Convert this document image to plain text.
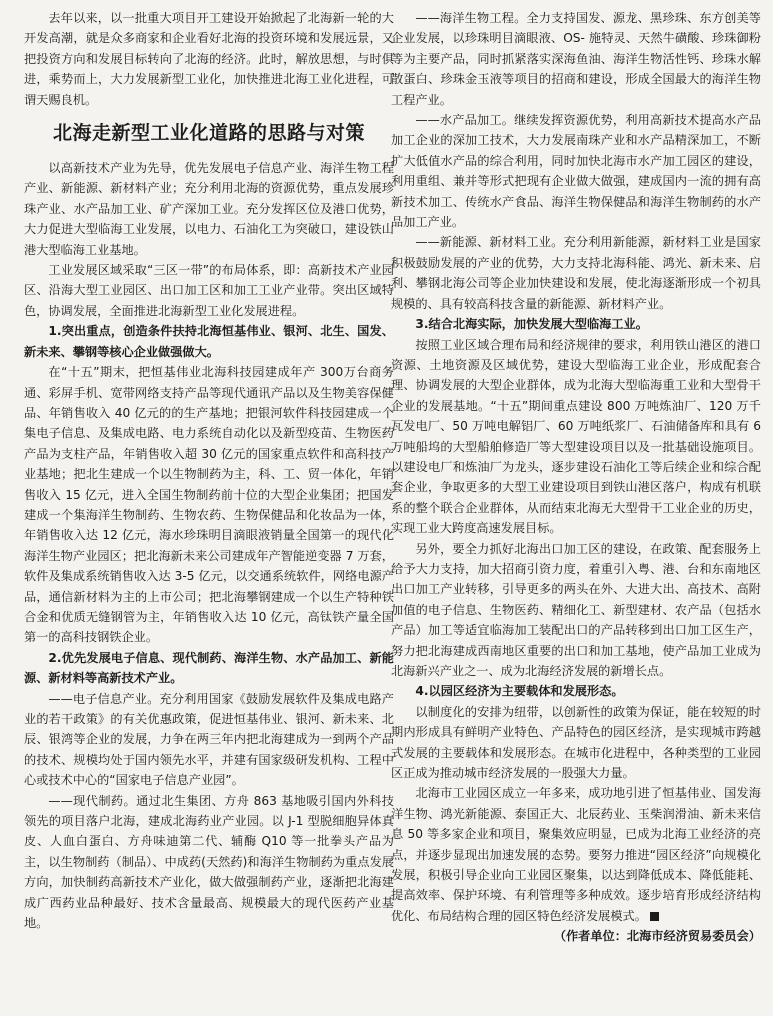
去年以来，以一批重大项目开工建设开始掀起了北海新一轮的大开发高潮，就是众多商家和企业看好北海的投资环境和发展远景，又把投资方向和发展目标转向了北海的经济。此时，解放思想，与时俱进，乘势而上，大力发展新型工业化，加快推进北海工业化进程，可谓天赐良机。

北海走新型工业化道路的思路与对策

以高新技术产业为先导，优先发展电子信息产业、海洋生物工程产业、新能源、新材料产业；充分利用北海的资源优势，重点发展珍珠产业、水产品加工业、矿产深加工业。充分发挥区位及港口优势，大力促进大型临海工业发展，以电力、石油化工为突破口，建设铁山港大型临海工业基地。

工业发展区域采取“三区一带”的布局体系，即：高新技术产业园区、沿海大型工业园区、出口加工区和加工工业产业带。突出区域特色，协调发展，全面推进北海新型工业化发展进程。

1.突出重点，创造条件扶持北海恒基伟业、银河、北生、国发、新未来、攀钢等核心企业做强做大。

在“十五”期末，把恒基伟业北海科技园建成年产 300万台商务通、彩屏手机、宽带网络支持产品等现代通讯产品以及生物美容保健品、年销售收入 40 亿元的的生产基地；把银河软件科技园建成一个集电子信息、及集成电路、电力系统自动化以及新型疫苗、生物医药产品为支柱产品，年销售收入超 30 亿元的国家重点软件和高科技产业基地；把北生建成一个以生物制药为主，科、工、贸一体化，年销售收入 15 亿元，进入全国生物制药前十位的大型企业集团；把国发建成一个集海洋生物制药、生物农药、生物保健品和化妆品为一体，年销售收入达 12 亿元，海水珍珠明目滴眼液销量全国第一的现代化海洋生物产业园区；把北海新未来公司建成年产智能逆变器 7 万套，软件及集成系统销售收入达 3-5 亿元，以交通系统软件，网络电源产品，通信新材料为主的上市公司；把北海攀钢建成一个以生产特种铁合金和优质无缝钢管为主，年销售收入达 10 亿元，高钛铁产量全国第一的高科技钢铁企业。

2.优先发展电子信息、现代制药、海洋生物、水产品加工、新能源、新材料等高新技术产业。

——电子信息产业。充分利用国家《鼓励发展软件及集成电路产业的若干政策》的有关优惠政策，促进恒基伟业、银河、新未来、北辰、银湾等企业的发展，力争在两三年内把北海建成为一到两个产品的技术、规模均处于国内领先水平，并建有国家级研发机构、工程中心或技术中心的“国家电子信息产业园”。

——现代制药。通过北生集团、方舟 863 基地吸引国内外科技领先的项目落户北海，建成北海药业产业园。以 J-1 型脱细胞异体真皮、人血白蛋白、方舟味迪第二代、辅酶 Q10 等一批拳头产品为主，以生物制药（制品）、中成药(天然药)和海洋生物制药为重点发展方向，加快制药高新技术产业化，做大做强制药产业，逐渐把北海建成广西药业品种最好、技术含量最高、规模最大的现代医药产业基地。

——海洋生物工程。全力支持国发、源龙、黑珍珠、东方创美等企业发展，以珍珠明目滴眼液、OS- 施特灵、天然牛磺酸、珍珠御粉等为主要产品，同时抓紧落实深海鱼油、海洋生物活性钙、珍珠水解散蛋白、珍珠金玉液等项目的招商和建设，形成全国最大的海洋生物工程产业。

——水产品加工。继续发挥资源优势，利用高新技术提高水产品加工企业的深加工技术，大力发展南珠产业和水产品精深加工，不断扩大低值水产品的综合利用，同时加快北海市水产加工园区的建设，利用重组、兼并等形式把现有企业做大做强，建成国内一流的拥有高新技术加工、传统水产食品、海洋生物保健品和海洋生物制药的水产品加工产业。

——新能源、新材料工业。充分利用新能源，新材料工业是国家积极鼓励发展的产业的优势，大力支持北海科能、鸿光、新未来、启利、攀钢北海公司等企业加快建设和发展，使北海逐渐形成一个初具规模的、具有较高科技含量的新能源、新材料产业。

3.结合北海实际，加快发展大型临海工业。

按照工业区域合理布局和经济规律的要求，利用铁山港区的港口资源、土地资源及区域优势，建设大型临海工业企业，形成配套合理、协调发展的大型企业群体，成为北海大型临海重工业和大型骨干企业的发展基地。“十五”期间重点建设 800 万吨炼油厂、120 万千瓦发电厂、50 万吨电解铝厂、60 万吨纸浆厂、石油储备库和具有 6 万吨船坞的大型船舶修造厂等大型建设项目以及一批基础设施项目。以建设电厂和炼油厂为龙头，逐步建设石油化工等后续企业和综合配套企业，争取更多的大型工业建设项目到铁山港区落户，构成有机联系的整个联合企业群体，从而结束北海无大型骨干工业企业的历史，实现工业大跨度高速发展目标。

另外，要全力抓好北海出口加工区的建设，在政策、配套服务上给予大力支持，加大招商引资力度，着重引入粤、港、台和东南地区出口加工产业转移，引导更多的两头在外、大进大出、高技术、高附加值的电子信息、生物医药、精细化工、新型建材、农产品（包括水产品）加工等适宜临海加工装配出口的产品转移到出口加工区生产，努力把北海建成西南地区重要的出口和加工基地，使产品加工业成为北海新兴产业之一、成为北海经济发展的新增长点。

4.以园区经济为主要载体和发展形态。

以制度化的安排为纽带，以创新性的政策为保证，能在较短的时期内形成具有鲜明产业特色、产品特色的园区经济，是实现城市跨越式发展的主要载体和发展形态。在城市化进程中，各种类型的工业园区正成为推动城市经济发展的一股强大力量。

北海市工业园区成立一年多来，成功地引进了恒基伟业、国发海洋生物、鸿光新能源、泰国正大、北辰药业、玉柴润滑油、新未来信息 50 等多家企业和项目，聚集效应明显，已成为北海工业经济的亮点，并逐步显现出加速发展的态势。要努力推进“园区经济”向规模化发展，积极引导企业向工业园区聚集，以达到降低成本、降低能耗、提高效率、保护环境、有利管理等多种成效。逐步培育形成经济结构优化、布局结构合理的园区特色经济发展模式。

（作者单位：北海市经济贸易委员会）
